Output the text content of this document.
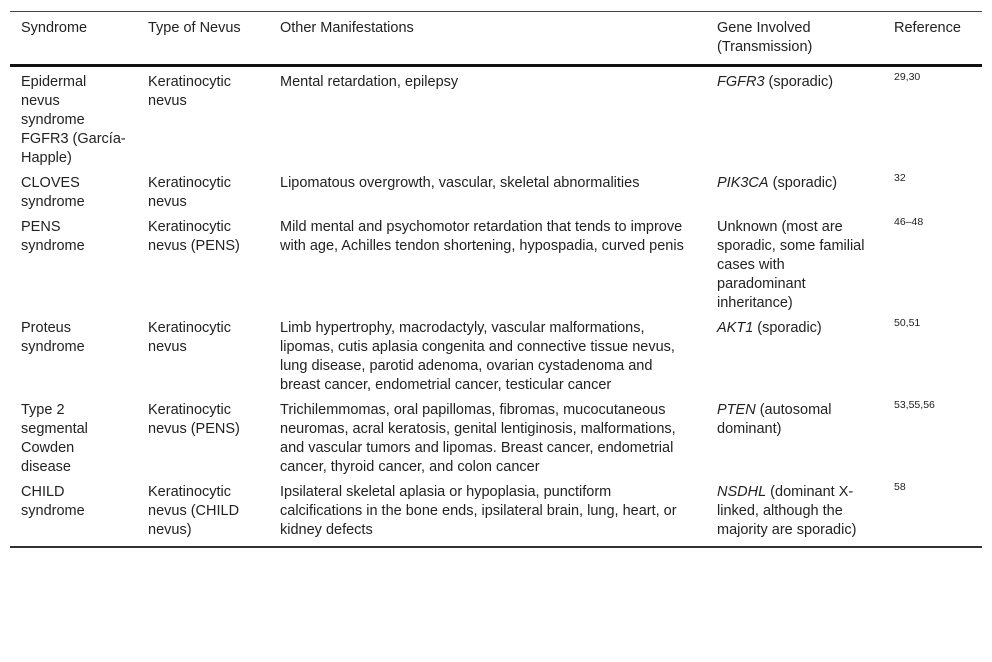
Syndrome	Type of Nevus	Other Manifestations	Gene Involved (Transmission)	Reference
Epidermal nevus syndrome FGFR3 (García-Happle)	Keratinocytic nevus	Mental retardation, epilepsy	FGFR3 (sporadic)	29,30
CLOVES syndrome	Keratinocytic nevus	Lipomatous overgrowth, vascular, skeletal abnormalities	PIK3CA (sporadic)	32
PENS syndrome	Keratinocytic nevus (PENS)	Mild mental and psychomotor retardation that tends to improve with age, Achilles tendon shortening, hypospadia, curved penis	Unknown (most are sporadic, some familial cases with paradominant inheritance)	46–48
Proteus syndrome	Keratinocytic nevus	Limb hypertrophy, macrodactyly, vascular malformations, lipomas, cutis aplasia congenita and connective tissue nevus, lung disease, parotid adenoma, ovarian cystadenoma and breast cancer, endometrial cancer, testicular cancer	AKT1 (sporadic)	50,51
Type 2 segmental Cowden disease	Keratinocytic nevus (PENS)	Trichilemmomas, oral papillomas, fibromas, mucocutaneous neuromas, acral keratosis, genital lentiginosis, malformations, and vascular tumors and lipomas. Breast cancer, endometrial cancer, thyroid cancer, and colon cancer	PTEN (autosomal dominant)	53,55,56
CHILD syndrome	Keratinocytic nevus (CHILD nevus)	Ipsilateral skeletal aplasia or hypoplasia, punctiform calcifications in the bone ends, ipsilateral brain, lung, heart, or kidney defects	NSDHL (dominant X-linked, although the majority are sporadic)	58
